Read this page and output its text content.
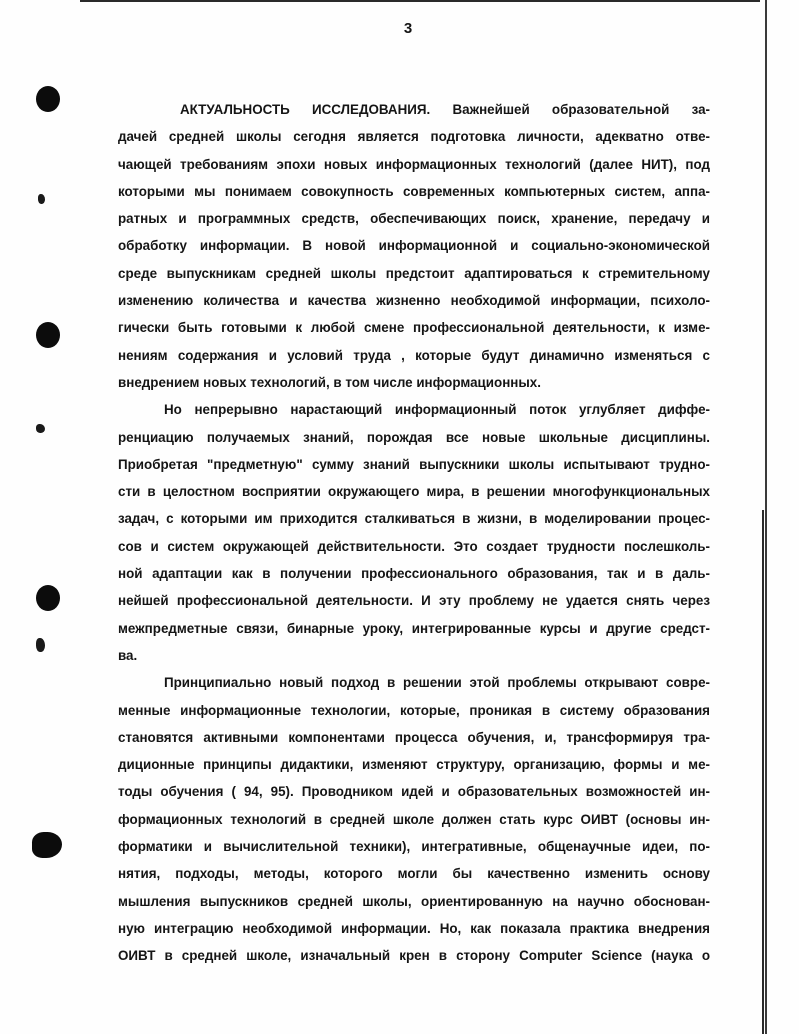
3
АКТУАЛЬНОСТЬ ИССЛЕДОВАНИЯ. Важнейшей образовательной за-
дачей средней школы сегодня является подготовка личности, адекватно отве-
чающей требованиям эпохи новых информационных технологий (далее НИТ), под
которыми мы понимаем совокупность современных компьютерных систем, аппа-
ратных и программных средств, обеспечивающих поиск, хранение, передачу и
обработку информации. В новой информационной и социально-экономической
среде выпускникам средней школы предстоит адаптироваться к стремительному
изменению количества и качества жизненно необходимой информации, психоло-
гически быть готовыми к любой смене профессиональной деятельности, к изме-
нениям содержания и условий труда , которые будут динамично изменяться с
внедрением новых технологий, в том числе информационных.
Но непрерывно нарастающий информационный поток углубляет диффе-
ренциацию получаемых знаний, порождая все новые школьные дисциплины.
Приобретая "предметную" сумму знаний выпускники школы испытывают трудно-
сти в целостном восприятии окружающего мира, в решении многофункциональных
задач, с которыми им приходится сталкиваться в жизни, в моделировании процес-
сов и систем окружающей действительности. Это создает трудности послешколь-
ной адаптации как в получении профессионального образования, так и в даль-
нейшей профессиональной деятельности. И эту проблему не удается снять через
межпредметные связи, бинарные уроку, интегрированные курсы и другие средст-
ва.
Принципиально новый подход в решении этой проблемы открывают совре-
менные информационные технологии, которые, проникая в систему образования
становятся активными компонентами процесса обучения, и, трансформируя тра-
диционные принципы дидактики, изменяют структуру, организацию, формы и ме-
тоды обучения ( 94, 95). Проводником идей и образовательных возможностей ин-
формационных технологий в средней школе должен стать курс ОИВТ (основы ин-
форматики и вычислительной техники), интегративные, общенаучные идеи, по-
нятия, подходы, методы, которого могли бы качественно изменить основу
мышления выпускников средней школы, ориентированную на научно обоснован-
ную интеграцию необходимой информации. Но, как показала практика внедрения
ОИВТ в средней школе, изначальный крен в сторону Computer Science (наука о
